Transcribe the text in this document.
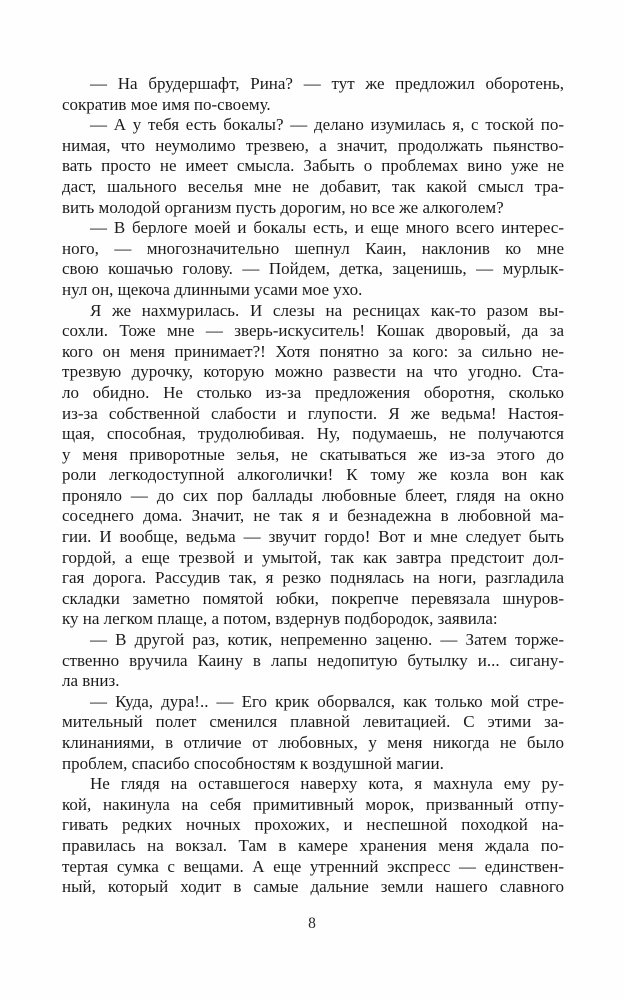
— На брудершафт, Рина? — тут же предложил оборотень,
сократив мое имя по-своему.
— А у тебя есть бокалы? — делано изумилась я, с тоской по-
нимая, что неумолимо трезвею, а значит, продолжать пьянство-
вать просто не имеет смысла. Забыть о проблемах вино уже не
даст, шального веселья мне не добавит, так какой смысл тра-
вить молодой организм пусть дорогим, но все же алкоголем?
— В берлоге моей и бокалы есть, и еще много всего интерес-
ного, — многозначительно шепнул Каин, наклонив ко мне
свою кошачью голову. — Пойдем, детка, заценишь, — мурлык-
нул он, щекоча длинными усами мое ухо.
Я же нахмурилась. И слезы на ресницах как-то разом вы-
сохли. Тоже мне — зверь-искуситель! Кошак дворовый, да за
кого он меня принимает?! Хотя понятно за кого: за сильно не-
трезвую дурочку, которую можно развести на что угодно. Ста-
ло обидно. Не столько из-за предложения оборотня, сколько
из-за собственной слабости и глупости. Я же ведьма! Настоя-
щая, способная, трудолюбивая. Ну, подумаешь, не получаются
у меня приворотные зелья, не скатываться же из-за этого до
роли легкодоступной алкоголички! К тому же козла вон как
проняло — до сих пор баллады любовные блеет, глядя на окно
соседнего дома. Значит, не так я и безнадежна в любовной ма-
гии. И вообще, ведьма — звучит гордо! Вот и мне следует быть
гордой, а еще трезвой и умытой, так как завтра предстоит дол-
гая дорога. Рассудив так, я резко поднялась на ноги, разгладила
складки заметно помятой юбки, покрепче перевязала шнуров-
ку на легком плаще, а потом, вздернув подбородок, заявила:
— В другой раз, котик, непременно заценю. — Затем торже-
ственно вручила Каину в лапы недопитую бутылку и... сигану-
ла вниз.
— Куда, дура!.. — Его крик оборвался, как только мой стре-
мительный полет сменился плавной левитацией. С этими за-
клинаниями, в отличие от любовных, у меня никогда не было
проблем, спасибо способностям к воздушной магии.
Не глядя на оставшегося наверху кота, я махнула ему ру-
кой, накинула на себя примитивный морок, призванный отпу-
гивать редких ночных прохожих, и неспешной походкой на-
правилась на вокзал. Там в камере хранения меня ждала по-
тертая сумка с вещами. А еще утренний экспресс — единствен-
ный, который ходит в самые дальние земли нашего славного
8
